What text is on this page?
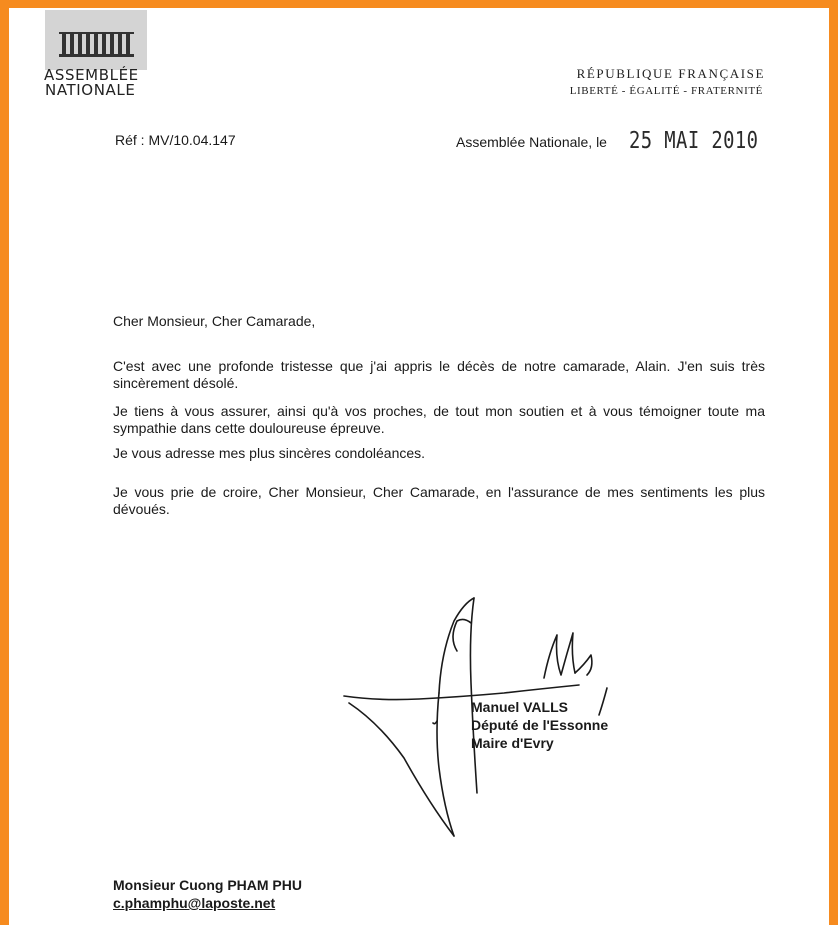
ASSEMBLÉE
NATIONALE
RÉPUBLIQUE FRANÇAISE
LIBERTÉ - ÉGALITÉ - FRATERNITÉ
Réf : MV/10.04.147	Assemblée Nationale, le 25 MAI 2010
Cher Monsieur, Cher Camarade,
C'est avec une profonde tristesse que j'ai appris le décès de notre camarade, Alain. J'en suis très sincèrement désolé.
Je tiens à vous assurer, ainsi qu'à vos proches, de tout mon soutien et à vous témoigner toute ma sympathie dans cette douloureuse épreuve.
Je vous adresse mes plus sincères condoléances.
Je vous prie de croire, Cher Monsieur, Cher Camarade, en l'assurance de mes sentiments les plus dévoués.
Manuel VALLS
Député de l'Essonne
Maire d'Evry
Monsieur Cuong PHAM PHU
c.phamphu@laposte.net
